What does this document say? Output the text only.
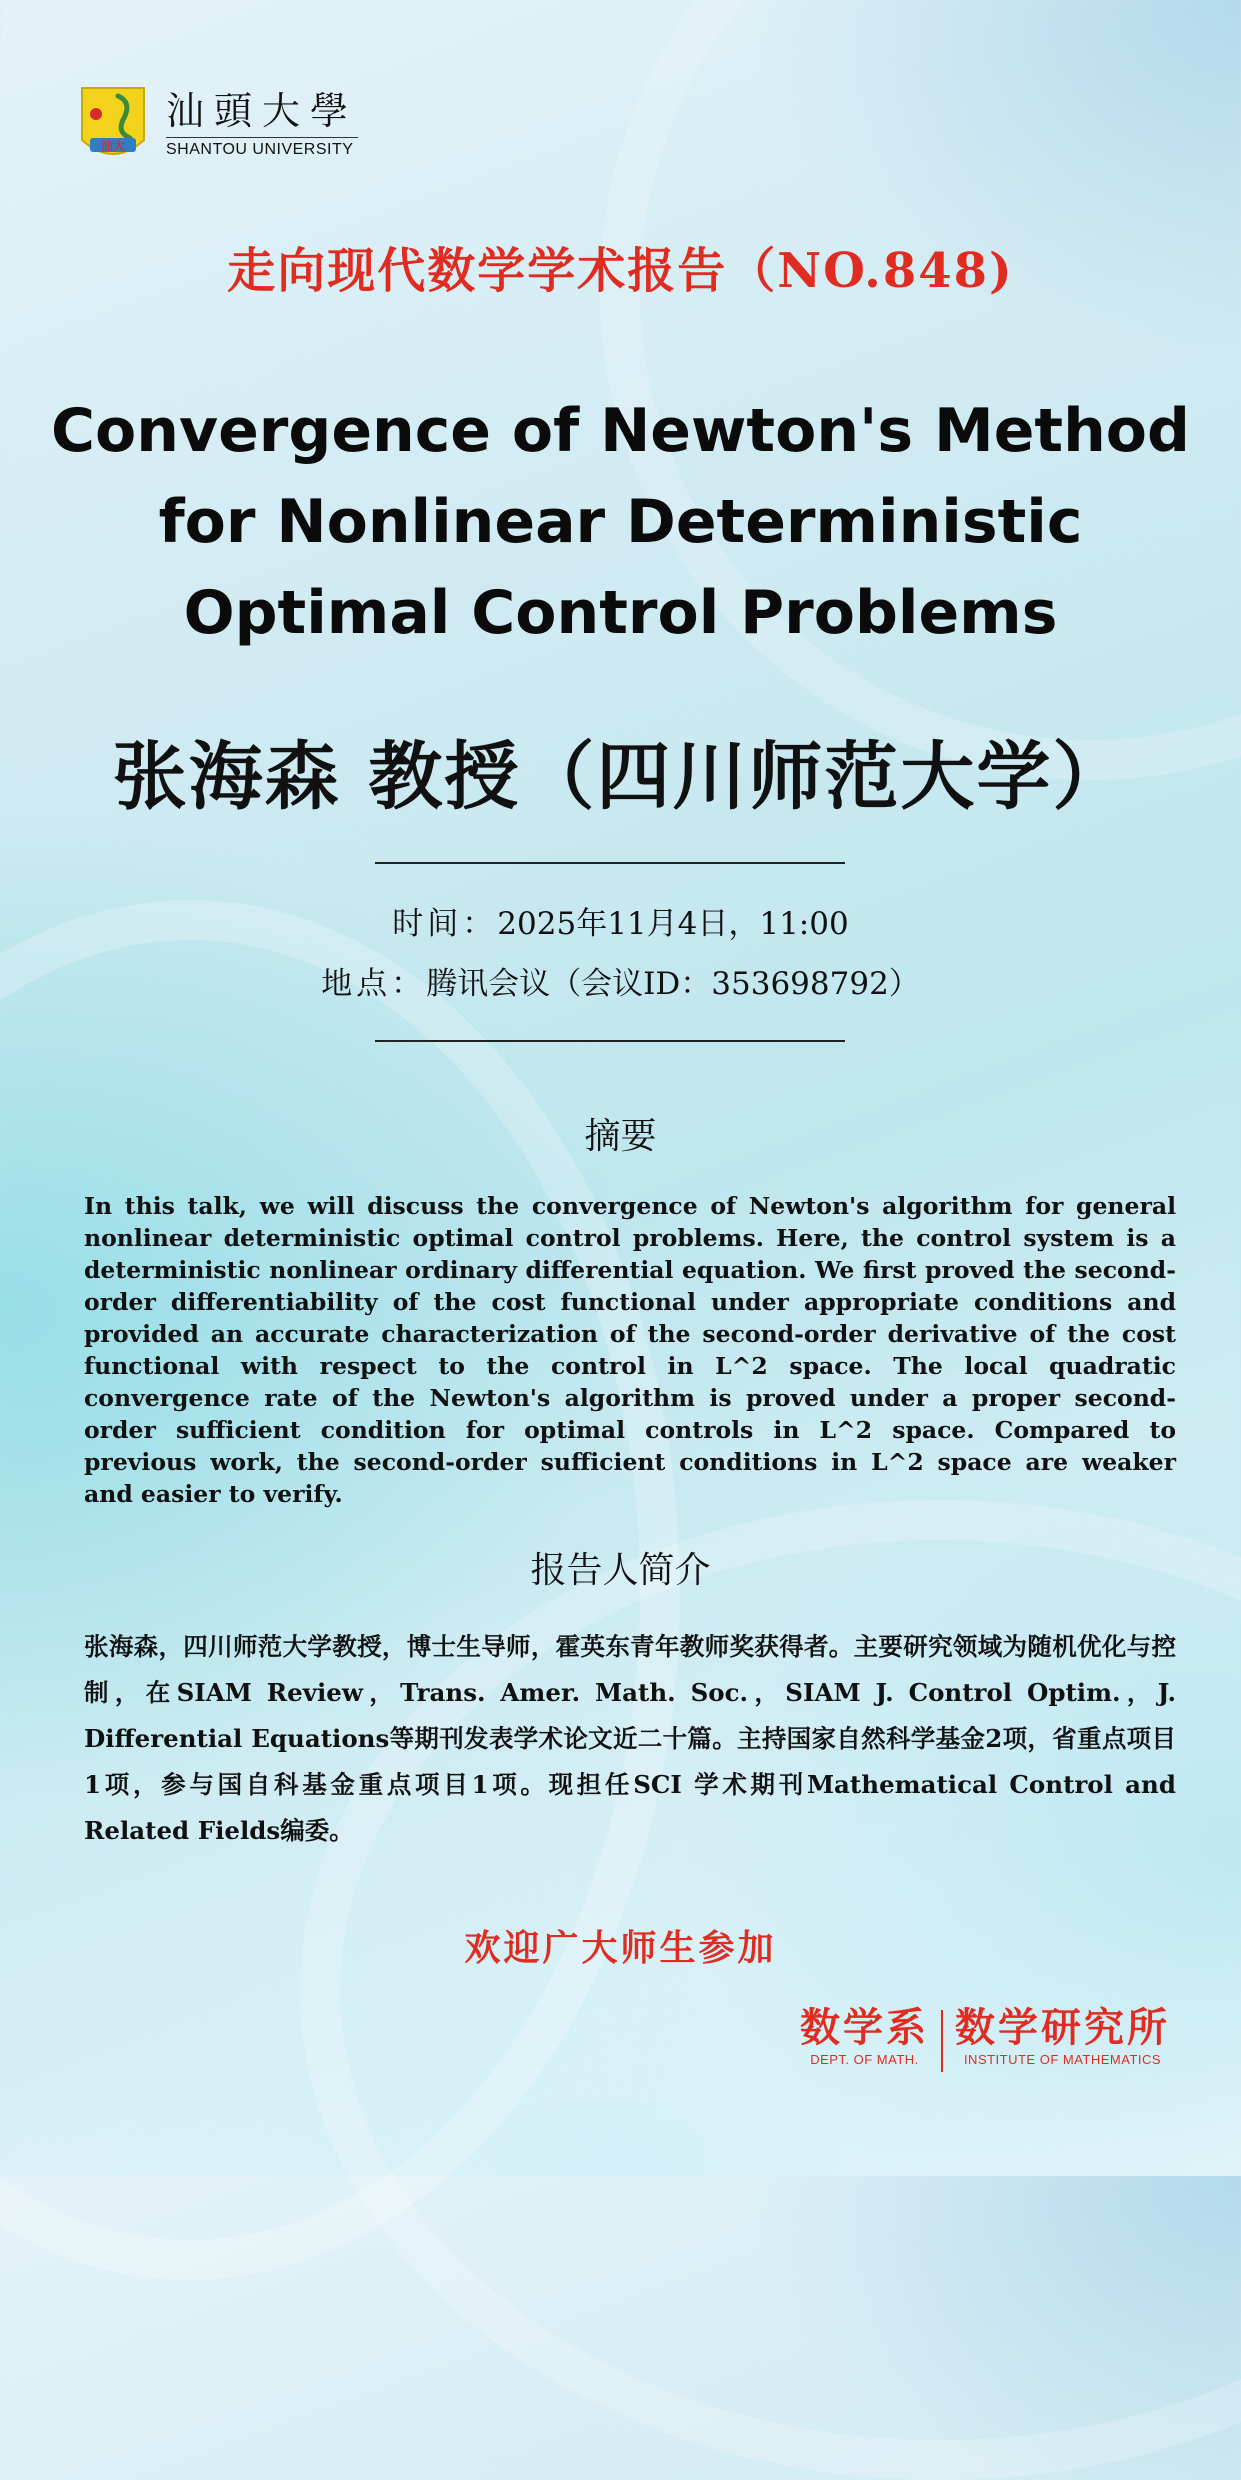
汕大
汕頭大學
SHANTOU UNIVERSITY
走向现代数学学术报告（NO.848)
Convergence of Newton's Method
for Nonlinear Deterministic
Optimal Control Problems
张海森 教授（四川师范大学）
时间：2025年11月4日，11:00
地点：腾讯会议（会议ID：353698792）
摘要
In this talk, we will discuss the convergence of Newton's algorithm for general nonlinear deterministic optimal control problems. Here, the control system is a deterministic nonlinear ordinary differential equation. We first proved the second-order differentiability of the cost functional under appropriate conditions and provided an accurate characterization of the second-order derivative of the cost functional with respect to the control in L^2 space. The local quadratic convergence rate of the Newton's algorithm is proved under a proper second-order sufficient condition for optimal controls in L^2 space. Compared to previous work, the second-order sufficient conditions in L^2 space are weaker and easier to verify.
报告人简介
张海森，四川师范大学教授，博士生导师，霍英东青年教师奖获得者。主要研究领域为随机优化与控制，在SIAM Review，Trans. Amer. Math. Soc.，SIAM J. Control Optim.，J. Differential Equations等期刊发表学术论文近二十篇。主持国家自然科学基金2项，省重点项目1项，参与国自科基金重点项目1项。现担任SCI 学术期刊Mathematical Control and Related Fields编委。
欢迎广大师生参加
数学系
DEPT. OF MATH.
数学研究所
INSTITUTE OF MATHEMATICS
